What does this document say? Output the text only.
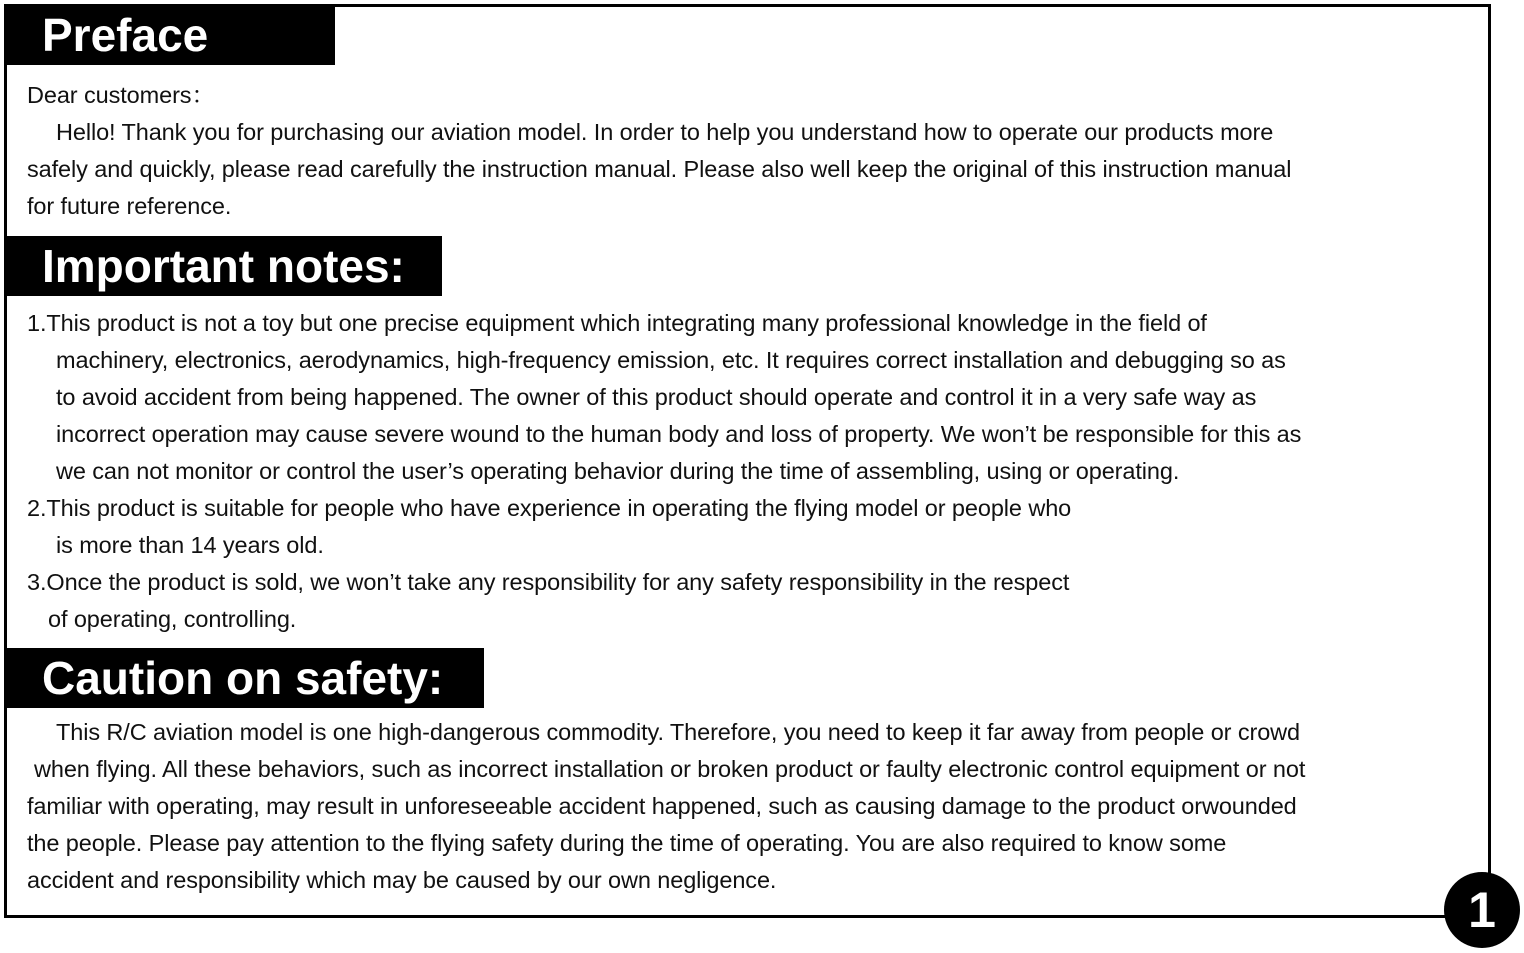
Preface
Dear customers：
Hello! Thank you for purchasing our aviation model. In order to help you understand how to operate our products more
safely and quickly, please read carefully the instruction manual. Please also well keep the original of this instruction manual
for future reference.
Important notes:
1.This product is not a toy but one precise equipment which integrating many professional knowledge in the field of
machinery, electronics, aerodynamics, high-frequency emission, etc. It requires correct installation and debugging so as
to avoid accident from being happened. The owner of this product should operate and control it in a very safe way as
incorrect operation may cause severe wound to the human body and loss of property. We won’t be responsible for this as
we can not monitor or control the user’s operating behavior during the time of assembling, using or operating.
2.This product is suitable for people who have experience in operating the flying model or people who
is more than 14 years old.
3.Once the product is sold, we won’t take any responsibility for any safety responsibility in the respect
of operating, controlling.
Caution on safety:
This R/C aviation model is one high-dangerous commodity. Therefore, you need to keep it far away from people or crowd
when flying. All these behaviors, such as incorrect installation or broken product or faulty electronic control equipment or not
familiar with operating, may result in unforeseeable accident happened, such as causing damage to the product orwounded
the people. Please pay attention to the flying safety during the time of operating. You are also required to know some
accident and responsibility which may be caused by our own negligence.
1
